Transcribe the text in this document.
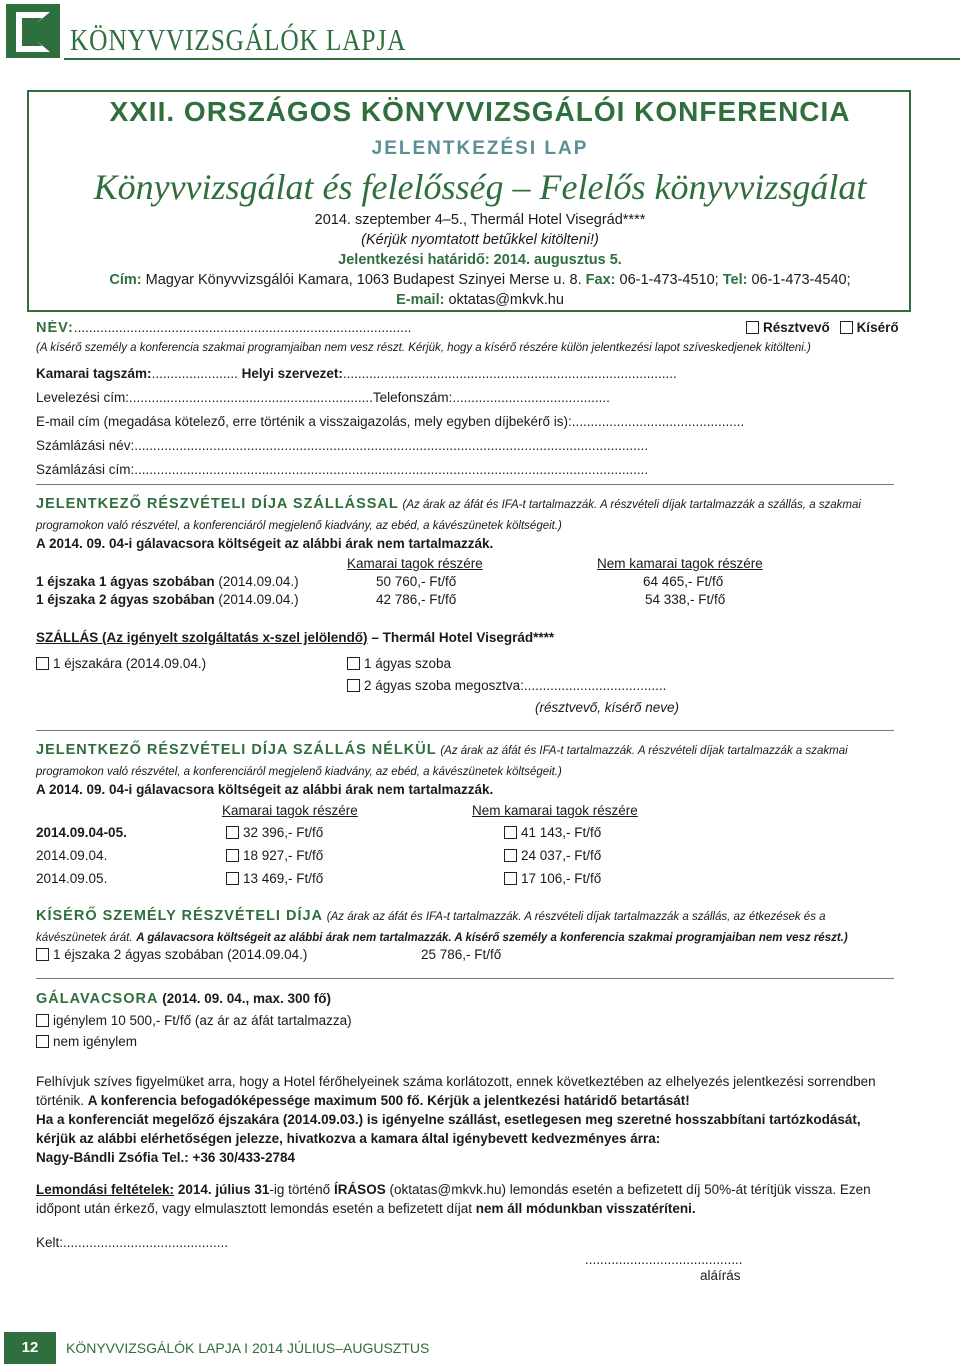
KÖNYVVIZSGÁLÓK LAPJA
XXII. ORSZÁGOS KÖNYVVIZSGÁLÓI KONFERENCIA
JELENTKEZÉSI LAP
Könyvvizsgálat és felelősség – Felelős könyvvizsgálat
2014. szeptember 4–5., Thermál Hotel Visegrád****
(Kérjük nyomtatott betűkkel kitölteni!)
Jelentkezési határidő: 2014. augusztus 5.
Cím: Magyar Könyvvizsgálói Kamara, 1063 Budapest Szinyei Merse u. 8. Fax: 06-1-473-4510; Tel: 06-1-473-4540;
E-mail: oktatas@mkvk.hu
NÉV:..........................................................................................	Résztvevő Kísérő
(A kísérő személy a konferencia szakmai programjaiban nem vesz részt. Kérjük, hogy a kísérő részére külön jelentkezési lapot szíveskedjenek kitölteni.)
Kamarai tagszám:....................... Helyi szervezet:.........................................................................................
Levelezési cím:.................................................................Telefonszám:..........................................
E-mail cím (megadása kötelező, erre történik a visszaigazolás, mely egyben díjbekérő is):..............................................
Számlázási név:.........................................................................................................................................
Számlázási cím:.........................................................................................................................................
JELENTKEZŐ RÉSZVÉTELI DÍJA SZÁLLÁSSAL (Az árak az áfát és IFA-t tartalmazzák. A részvételi díjak tartalmazzák a szállás, a szakmai programokon való részvétel, a konferenciáról megjelenő kiadvány, az ebéd, a kávészünetek költségeit.)
A 2014. 09. 04-i gálavacsora költségeit az alábbi árak nem tartalmazzák.
Kamarai tagok részére	Nem kamarai tagok részére
1 éjszaka 1 ágyas szobában (2014.09.04.)	50 760,- Ft/fő	64 465,- Ft/fő
1 éjszaka 2 ágyas szobában (2014.09.04.)	42 786,- Ft/fő	54 338,- Ft/fő
SZÁLLÁS (Az igényelt szolgáltatás x-szel jelölendő) – Thermál Hotel Visegrád****
1 éjszakára (2014.09.04.)	1 ágyas szoba
2 ágyas szoba megosztva:......................................
(résztvevő, kísérő neve)
JELENTKEZŐ RÉSZVÉTELI DÍJA SZÁLLÁS NÉLKÜL (Az árak az áfát és IFA-t tartalmazzák. A részvételi díjak tartalmazzák a szakmai programokon való részvétel, a konferenciáról megjelenő kiadvány, az ebéd, a kávészünetek költségeit.)
A 2014. 09. 04-i gálavacsora költségeit az alábbi árak nem tartalmazzák.
Kamarai tagok részére	Nem kamarai tagok részére
2014.09.04-05.	32 396,- Ft/fő	41 143,- Ft/fő
2014.09.04.	18 927,- Ft/fő	24 037,- Ft/fő
2014.09.05.	13 469,- Ft/fő	17 106,- Ft/fő
KÍSÉRŐ SZEMÉLY RÉSZVÉTELI DÍJA (Az árak az áfát és IFA-t tartalmazzák. A részvételi díjak tartalmazzák a szállás, az étkezések és a kávészünetek árát. A gálavacsora költségeit az alábbi árak nem tartalmazzák. A kísérő személy a konferencia szakmai programjaiban nem vesz részt.)
1 éjszaka 2 ágyas szobában (2014.09.04.)	25 786,- Ft/fő
GÁLAVACSORA (2014. 09. 04., max. 300 fő)
igénylem 10 500,- Ft/fő (az ár az áfát tartalmazza)
nem igénylem
Felhívjuk szíves figyelmüket arra, hogy a Hotel férőhelyeinek száma korlátozott, ennek következtében az elhelyezés jelentkezési sorrendben történik. A konferencia befogadóképessége maximum 500 fő. Kérjük a jelentkezési határidő betartását!
Ha a konferenciát megelőző éjszakára (2014.09.03.) is igényelne szállást, esetlegesen meg szeretné hosszabbítani tartózkodását, kérjük az alábbi elérhetőségen jelezze, hivatkozva a kamara által igénybevett kedvezményes árra:
Nagy-Bándli Zsófia Tel.: +36 30/433-2784
Lemondási feltételek: 2014. július 31-ig történő ÍRÁSOS (oktatas@mkvk.hu) lemondás esetén a befizetett díj 50%-át térítjük vissza. Ezen időpont után érkező, vagy elmulasztott lemondás esetén a befizetett díjat nem áll módunkban visszatéríteni.
Kelt:............................................
..........................................
aláírás
12	KÖNYVVIZSGÁLÓK LAPJA I 2014 JÚLIUS–AUGUSZTUS
